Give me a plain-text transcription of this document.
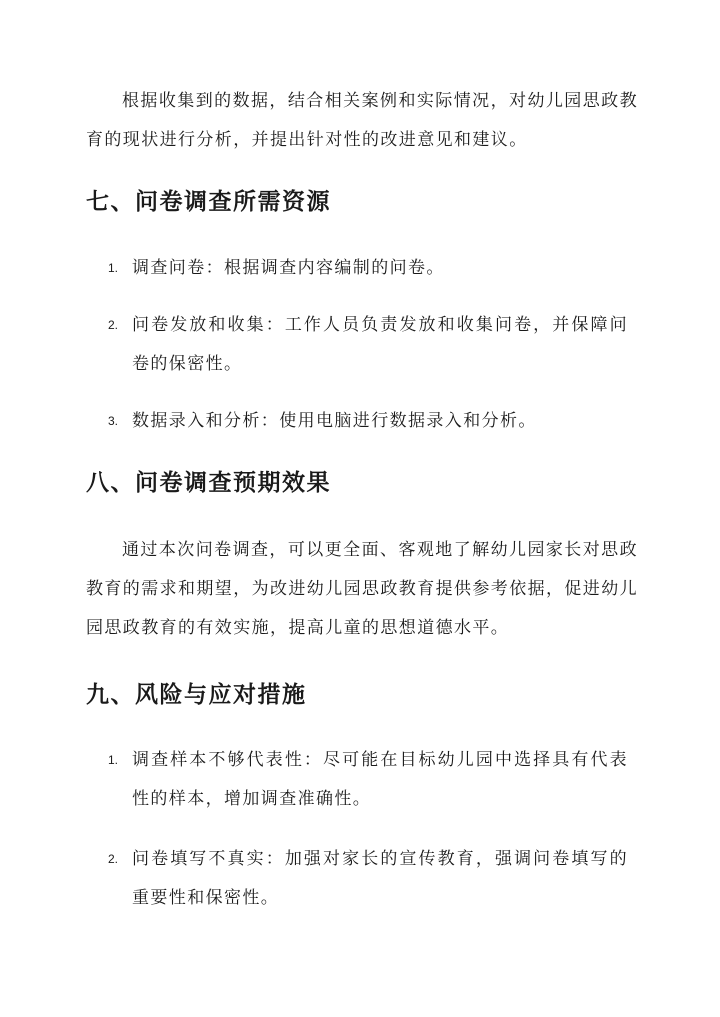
根据收集到的数据，结合相关案例和实际情况，对幼儿园思政教育的现状进行分析，并提出针对性的改进意见和建议。

七、问卷调查所需资源
1. 调查问卷：根据调查内容编制的问卷。
2. 问卷发放和收集：工作人员负责发放和收集问卷，并保障问卷的保密性。
3. 数据录入和分析：使用电脑进行数据录入和分析。
八、问卷调查预期效果

通过本次问卷调查，可以更全面、客观地了解幼儿园家长对思政教育的需求和期望，为改进幼儿园思政教育提供参考依据，促进幼儿园思政教育的有效实施，提高儿童的思想道德水平。

九、风险与应对措施
1. 调查样本不够代表性：尽可能在目标幼儿园中选择具有代表性的样本，增加调查准确性。
2. 问卷填写不真实：加强对家长的宣传教育，强调问卷填写的重要性和保密性。
